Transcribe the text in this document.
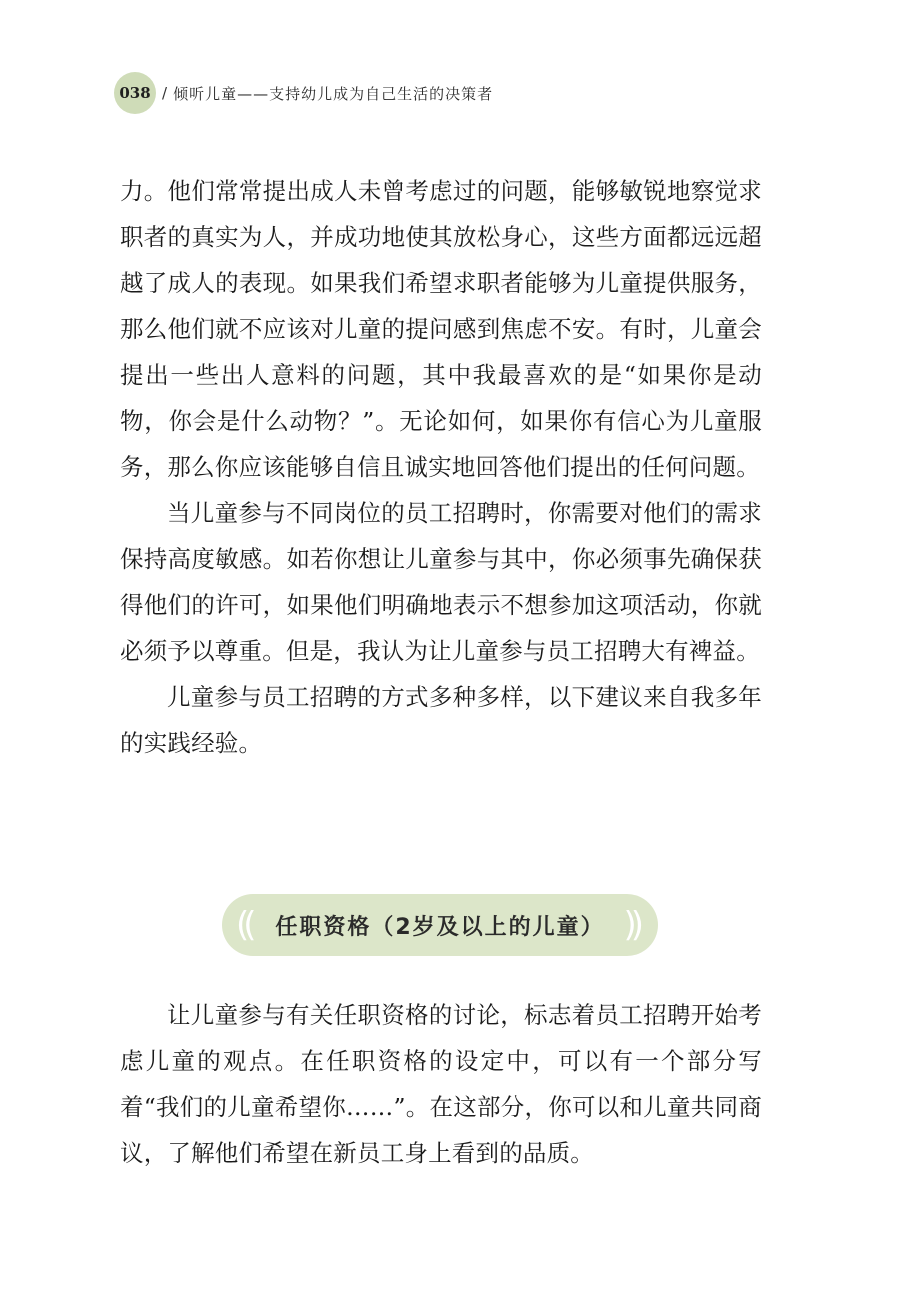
038 / 倾听儿童——支持幼儿成为自己生活的决策者

力。他们常常提出成人未曾考虑过的问题，能够敏锐地察觉求职者的真实为人，并成功地使其放松身心，这些方面都远远超越了成人的表现。如果我们希望求职者能够为儿童提供服务，那么他们就不应该对儿童的提问感到焦虑不安。有时，儿童会提出一些出人意料的问题，其中我最喜欢的是“如果你是动物，你会是什么动物？”。无论如何，如果你有信心为儿童服务，那么你应该能够自信且诚实地回答他们提出的任何问题。

当儿童参与不同岗位的员工招聘时，你需要对他们的需求保持高度敏感。如若你想让儿童参与其中，你必须事先确保获得他们的许可，如果他们明确地表示不想参加这项活动，你就必须予以尊重。但是，我认为让儿童参与员工招聘大有裨益。

儿童参与员工招聘的方式多种多样，以下建议来自我多年的实践经验。

(( 任职资格（2岁及以上的儿童） ))

让儿童参与有关任职资格的讨论，标志着员工招聘开始考虑儿童的观点。在任职资格的设定中，可以有一个部分写着“我们的儿童希望你……”。在这部分，你可以和儿童共同商议，了解他们希望在新员工身上看到的品质。
